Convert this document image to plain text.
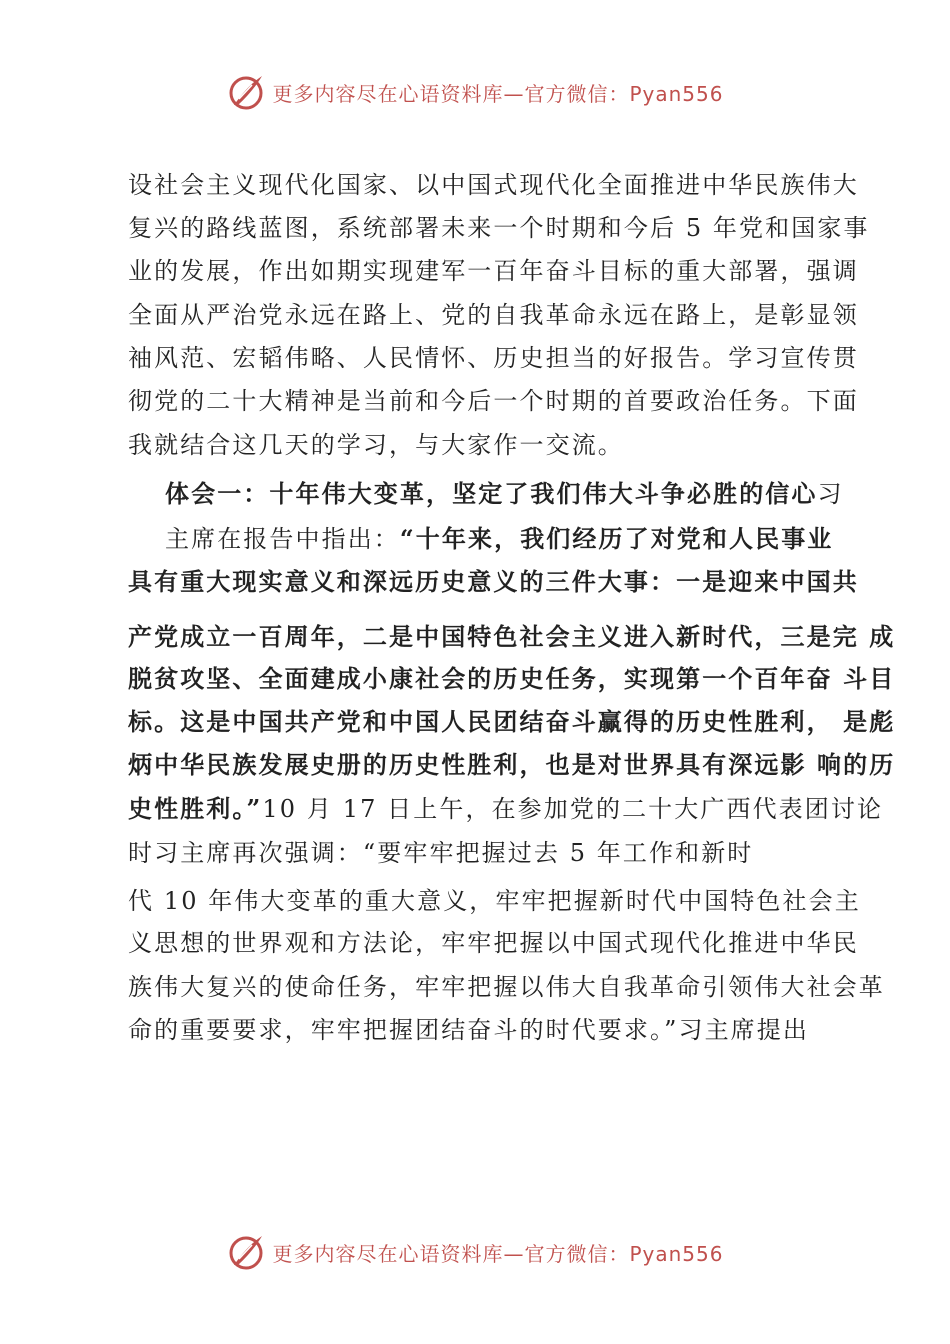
更多内容尽在心语资料库—官方微信：Pyan556
设社会主义现代化国家、以中国式现代化全面推进中华民族伟大
复兴的路线蓝图，系统部署未来一个时期和今后 5 年党和国家事
业的发展，作出如期实现建军一百年奋斗目标的重大部署，强调
全面从严治党永远在路上、党的自我革命永远在路上，是彰显领
袖风范、宏韬伟略、人民情怀、历史担当的好报告。学习宣传贯
彻党的二十大精神是当前和今后一个时期的首要政治任务。下面
我就结合这几天的学习，与大家作一交流。
体会一：十年伟大变革，坚定了我们伟大斗争必胜的信心习
主席在报告中指出：“十年来，我们经历了对党和人民事业
具有重大现实意义和深远历史意义的三件大事：一是迎来中国共
产党成立一百周年，二是中国特色社会主义进入新时代，三是完 成
脱贫攻坚、全面建成小康社会的历史任务，实现第一个百年奋 斗目
标。这是中国共产党和中国人民团结奋斗赢得的历史性胜利， 是彪
炳中华民族发展史册的历史性胜利，也是对世界具有深远影 响的历
史性胜利。”10 月 17 日上午，在参加党的二十大广西代表团讨论
时习主席再次强调：“要牢牢把握过去 5 年工作和新时
代 10 年伟大变革的重大意义，牢牢把握新时代中国特色社会主
义思想的世界观和方法论，牢牢把握以中国式现代化推进中华民
族伟大复兴的使命任务，牢牢把握以伟大自我革命引领伟大社会革
命的重要要求，牢牢把握团结奋斗的时代要求。”习主席提出
更多内容尽在心语资料库—官方微信：Pyan556
